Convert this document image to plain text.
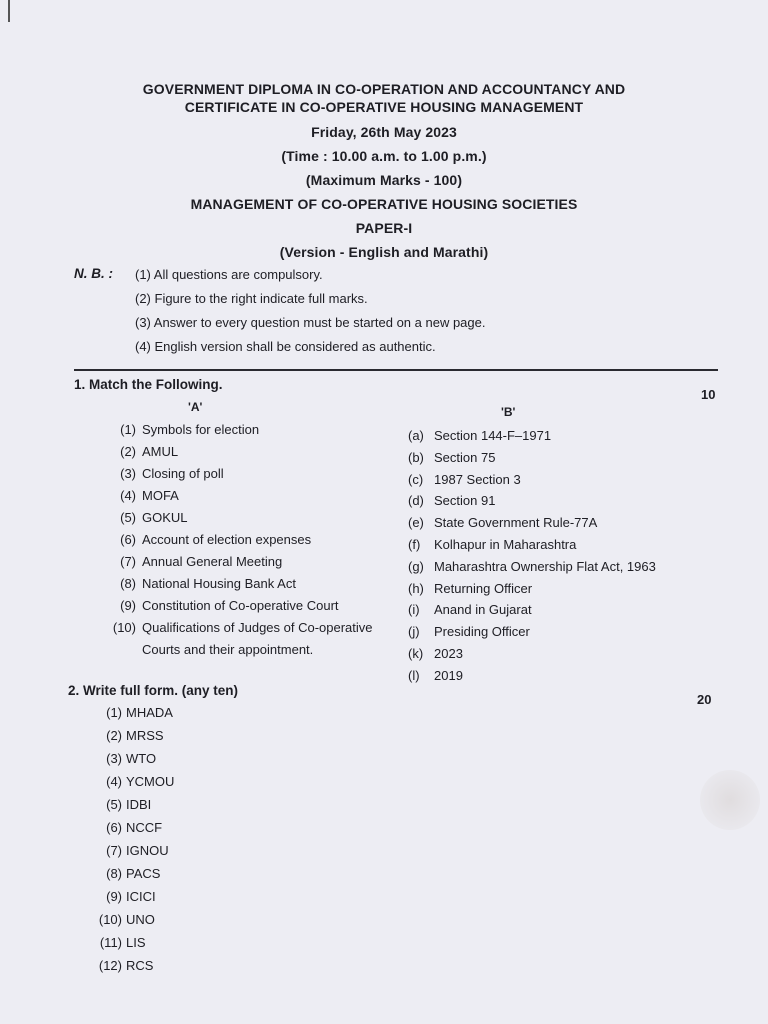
GOVERNMENT DIPLOMA IN CO-OPERATION AND ACCOUNTANCY AND
CERTIFICATE IN CO-OPERATIVE HOUSING MANAGEMENT
Friday, 26th May 2023
(Time : 10.00 a.m. to 1.00 p.m.)
(Maximum Marks - 100)
MANAGEMENT OF CO-OPERATIVE HOUSING SOCIETIES
PAPER-I
(Version - English and Marathi)
N. B. : (1) All questions are compulsory.
(2) Figure to the right indicate full marks.
(3) Answer to every question must be started on a new page.
(4) English version shall be considered as authentic.
1. Match the Following.
10
'A'	'B'
(1) Symbols for election
(2) AMUL
(3) Closing of poll
(4) MOFA
(5) GOKUL
(6) Account of election expenses
(7) Annual General Meeting
(8) National Housing Bank Act
(9) Constitution of Co-operative Court
(10) Qualifications of Judges of Co-operative
Courts and their appointment.
(a) Section 144-F–1971
(b) Section 75
(c) 1987 Section 3
(d) Section 91
(e) State Government Rule-77A
(f)	Kolhapur in Maharashtra
(g) Maharashtra Ownership Flat Act, 1963
(h) Returning Officer
(i)	Anand in Gujarat
(j)	Presiding Officer
(k) 2023
(l)	2019
2. Write full form. (any ten)
20
(1) MHADA
(2) MRSS
(3) WTO
(4) YCMOU
(5) IDBI
(6) NCCF
(7) IGNOU
(8) PACS
(9) ICICI
(10) UNO
(11) LIS
(12) RCS
